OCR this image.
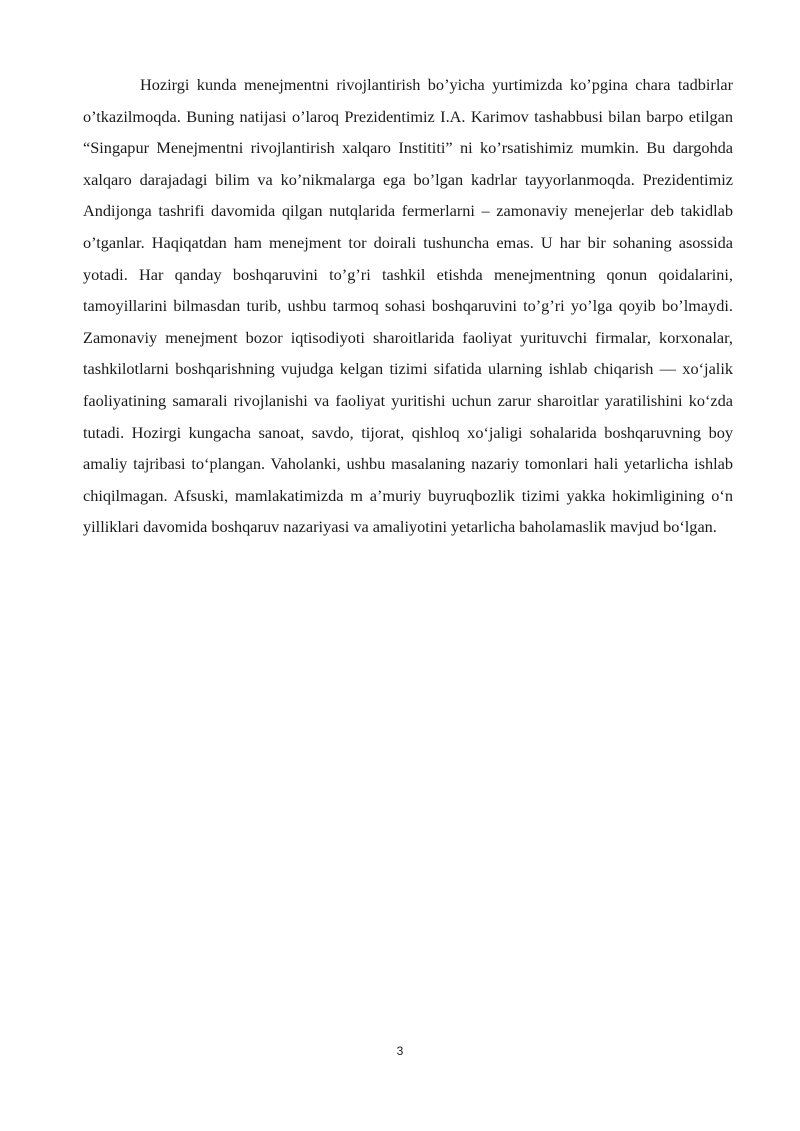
Hozirgi kunda menejmentni rivojlantirish bo’yicha yurtimizda ko’pgina chara tadbirlar o’tkazilmoqda. Buning natijasi o’laroq Prezidentimiz I.A. Karimov tashabbusi bilan barpo etilgan “Singapur Menejmentni rivojlantirish xalqaro Instititi” ni ko’rsatishimiz mumkin. Bu dargohda xalqaro darajadagi bilim va ko’nikmalarga ega bo’lgan kadrlar tayyorlanmoqda. Prezidentimiz Andijonga tashrifi davomida qilgan nutqlarida fermerlarni – zamonaviy menejerlar deb takidlab o’tganlar. Haqiqatdan ham menejment tor doirali tushuncha emas. U har bir sohaning asossida yotadi. Har qanday boshqaruvini to’g’ri tashkil etishda menejmentning qonun qoidalarini, tamoyillarini bilmasdan turib, ushbu tarmoq sohasi boshqaruvini to’g’ri yo’lga qoyib bo’lmaydi. Zamonaviy menejment bozor iqtisodiyoti sharoitlarida faoliyat yurituvchi firmalar, korxonalar, tashkilotlarni boshqarishning vujudga kelgan tizimi sifatida ularning ishlab chiqarish — xo‘jalik faoliyatining samarali rivojlanishi va faoliyat yuritishi uchun zarur sharoitlar yaratilishini ko‘zda tutadi. Hozirgi kungacha sanoat, savdo, tijorat, qishloq xo‘jaligi sohalarida boshqaruvning boy amaliy tajribasi to‘plangan. Vaholanki, ushbu masalaning nazariy tomonlari hali yetarlicha ishlab chiqilmagan. Afsuski, mamlakatimizda m a’muriy buyruqbozlik tizimi yakka hokimligining o‘n yilliklari davomida boshqaruv nazariyasi va amaliyotini yetarlicha baholamaslik mavjud bo‘lgan.

3
